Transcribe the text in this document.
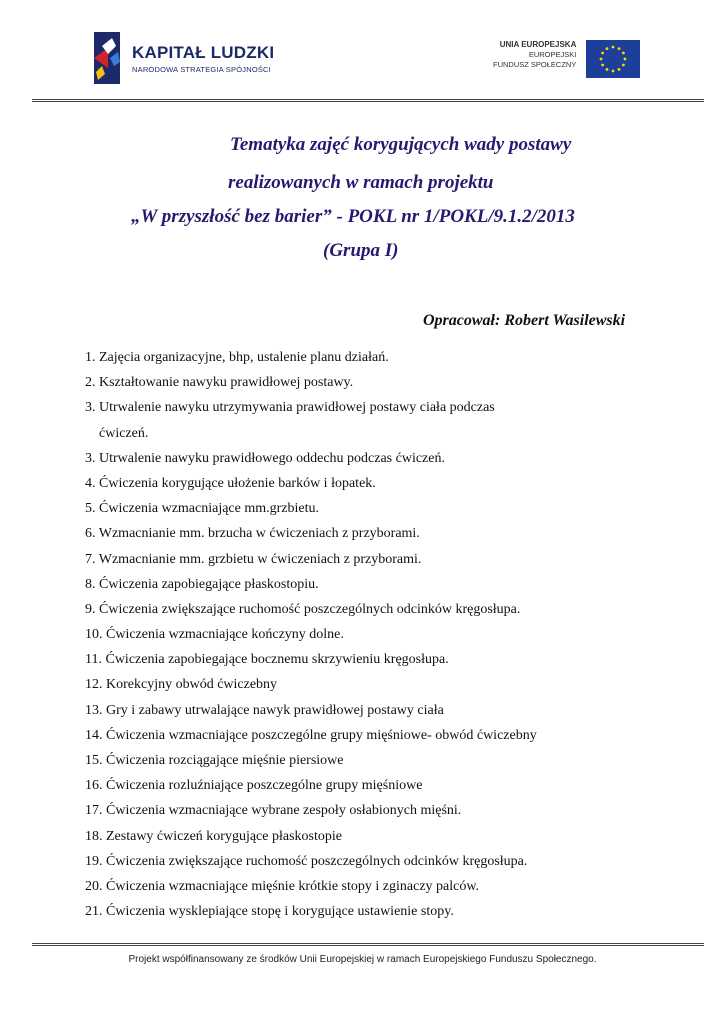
KAPITAŁ LUDZKI
NARODOWA STRATEGIA SPÓJNOŚCI
UNIA EUROPEJSKA
EUROPEJSKI
FUNDUSZ SPOŁECZNY
Tematyka zajęć korygujących wady postawy
realizowanych w ramach projektu
„W przyszłość bez barier” - POKL nr 1/POKL/9.1.2/2013
(Grupa I)
Opracował: Robert Wasilewski
1. Zajęcia organizacyjne, bhp, ustalenie planu działań.
2. Kształtowanie nawyku prawidłowej postawy.
3. Utrwalenie nawyku utrzymywania prawidłowej postawy ciała podczas
ćwiczeń.
3. Utrwalenie nawyku prawidłowego oddechu podczas ćwiczeń.
4. Ćwiczenia korygujące ułożenie barków i łopatek.
5. Ćwiczenia wzmacniające mm.grzbietu.
6. Wzmacnianie mm. brzucha w ćwiczeniach z przyborami.
7. Wzmacnianie mm. grzbietu w ćwiczeniach z przyborami.
8. Ćwiczenia zapobiegające płaskostopiu.
9. Ćwiczenia zwiększające ruchomość poszczególnych odcinków kręgosłupa.
10. Ćwiczenia wzmacniające kończyny dolne.
11. Ćwiczenia zapobiegające bocznemu skrzywieniu kręgosłupa.
12. Korekcyjny obwód ćwiczebny
13. Gry i zabawy utrwalające nawyk prawidłowej postawy ciała
14. Ćwiczenia wzmacniające poszczególne grupy mięśniowe- obwód ćwiczebny
15. Ćwiczenia rozciągające mięśnie piersiowe
16. Ćwiczenia rozluźniające poszczególne grupy mięśniowe
17. Ćwiczenia wzmacniające wybrane zespoły osłabionych mięśni.
18. Zestawy ćwiczeń korygujące płaskostopie
19. Ćwiczenia zwiększające ruchomość poszczególnych odcinków kręgosłupa.
20. Ćwiczenia wzmacniające mięśnie krótkie stopy i zginaczy palców.
21. Ćwiczenia wysklepiające stopę i korygujące ustawienie stopy.
Projekt współfinansowany ze środków Unii Europejskiej w ramach Europejskiego Funduszu Społecznego.
